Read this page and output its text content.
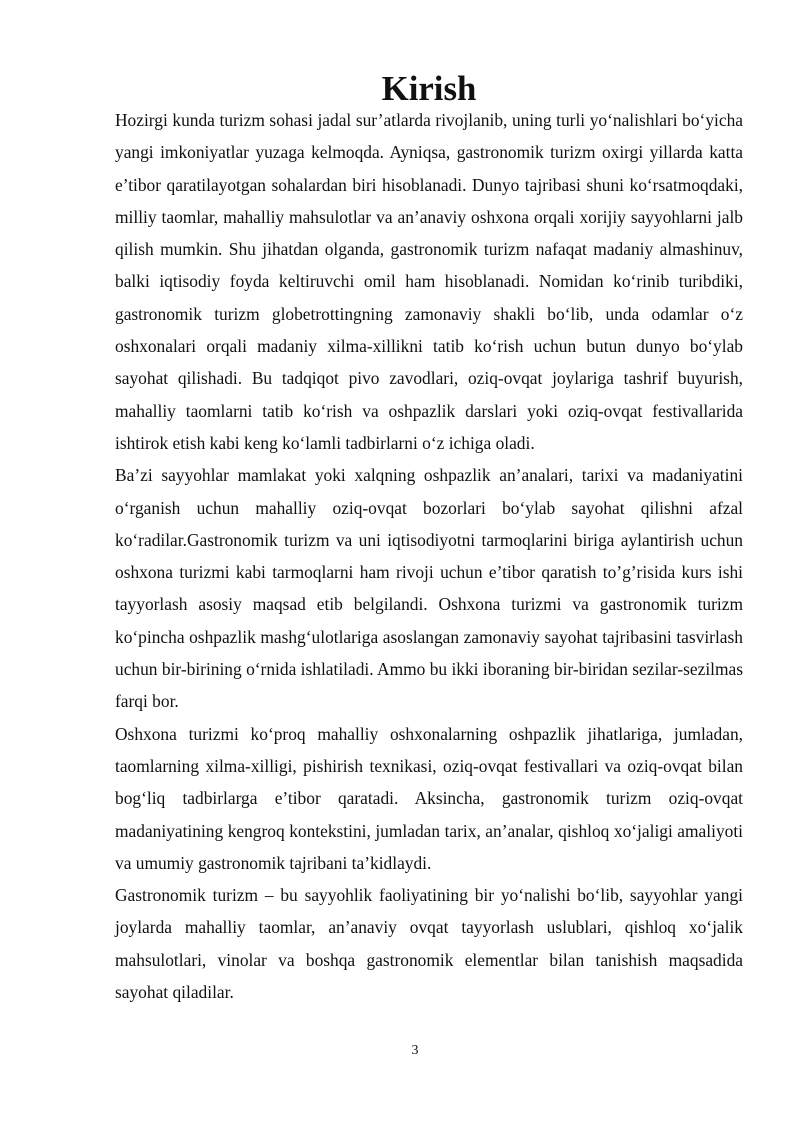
Kirish

Hozirgi kunda turizm sohasi jadal sur’atlarda rivojlanib, uning turli yo‘nalishlari bo‘yicha yangi imkoniyatlar yuzaga kelmoqda. Ayniqsa, gastronomik turizm oxirgi yillarda katta e’tibor qaratilayotgan sohalardan biri hisoblanadi. Dunyo tajribasi shuni ko‘rsatmoqdaki, milliy taomlar, mahalliy mahsulotlar va an’anaviy oshxona orqali xorijiy sayyohlarni jalb qilish mumkin. Shu jihatdan olganda, gastronomik turizm nafaqat madaniy almashinuv, balki iqtisodiy foyda keltiruvchi omil ham hisoblanadi. Nomidan ko‘rinib turibdiki, gastronomik turizm globetrottingning zamonaviy shakli bo‘lib, unda odamlar o‘z oshxonalari orqali madaniy xilma-xillikni tatib ko‘rish uchun butun dunyo bo‘ylab sayohat qilishadi. Bu tadqiqot pivo zavodlari, oziq-ovqat joylariga tashrif buyurish, mahalliy taomlarni tatib ko‘rish va oshpazlik darslari yoki oziq-ovqat festivallarida ishtirok etish kabi keng ko‘lamli tadbirlarni o‘z ichiga oladi.

Ba’zi sayyohlar mamlakat yoki xalqning oshpazlik an’analari, tarixi va madaniyatini o‘rganish uchun mahalliy oziq-ovqat bozorlari bo‘ylab sayohat qilishni afzal ko‘radilar.Gastronomik turizm va uni iqtisodiyotni tarmoqlarini biriga aylantirish uchun oshxona turizmi kabi tarmoqlarni ham rivoji uchun e’tibor qaratish to’g’risida kurs ishi tayyorlash asosiy maqsad etib belgilandi. Oshxona turizmi va gastronomik turizm ko‘pincha oshpazlik mashg‘ulotlariga asoslangan zamonaviy sayohat tajribasini tasvirlash uchun bir-birining o‘rnida ishlatiladi. Ammo bu ikki iboraning bir-biridan sezilar-sezilmas farqi bor.

Oshxona turizmi ko‘proq mahalliy oshxonalarning oshpazlik jihatlariga, jumladan, taomlarning xilma-xilligi, pishirish texnikasi, oziq-ovqat festivallari va oziq-ovqat bilan bog‘liq tadbirlarga e’tibor qaratadi. Aksincha, gastronomik turizm oziq-ovqat madaniyatining kengroq kontekstini, jumladan tarix, an’analar, qishloq xo‘jaligi amaliyoti va umumiy gastronomik tajribani ta’kidlaydi.

Gastronomik turizm – bu sayyohlik faoliyatining bir yo‘nalishi bo‘lib, sayyohlar yangi joylarda mahalliy taomlar, an’anaviy ovqat tayyorlash uslublari, qishloq xo‘jalik mahsulotlari, vinolar va boshqa gastronomik elementlar bilan tanishish maqsadida sayohat qiladilar.

3
